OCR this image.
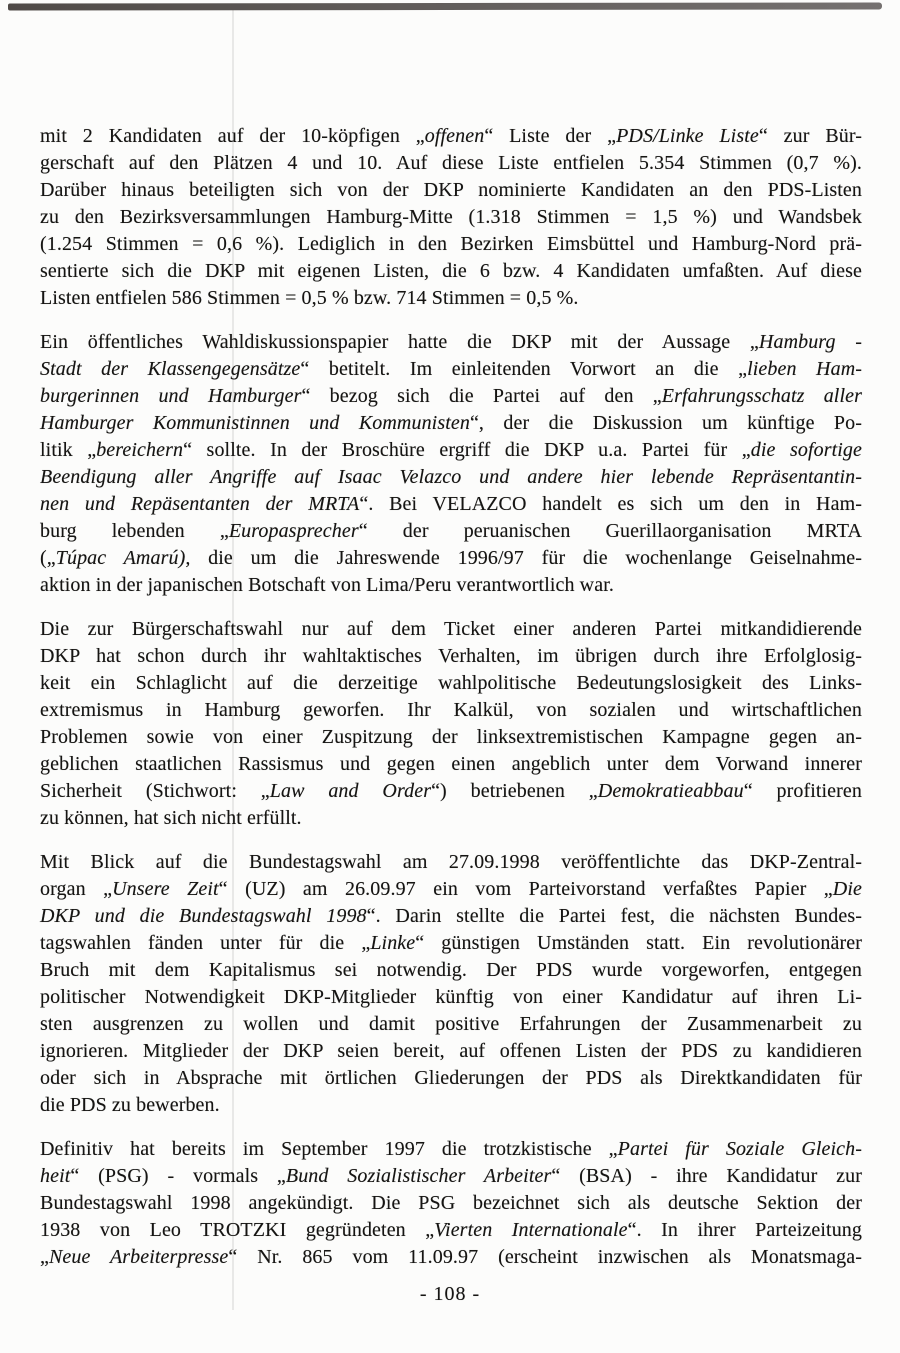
mit 2 Kandidaten auf der 10-köpfigen „offenen“ Liste der „PDS/Linke Liste“ zur Bür-
gerschaft auf den Plätzen 4 und 10. Auf diese Liste entfielen 5.354 Stimmen (0,7 %).
Darüber hinaus beteiligten sich von der DKP nominierte Kandidaten an den PDS-Listen
zu den Bezirksversammlungen Hamburg-Mitte (1.318 Stimmen = 1,5 %) und Wandsbek
(1.254 Stimmen = 0,6 %). Lediglich in den Bezirken Eimsbüttel und Hamburg-Nord prä-
sentierte sich die DKP mit eigenen Listen, die 6 bzw. 4 Kandidaten umfaßten. Auf diese
Listen entfielen 586 Stimmen = 0,5 % bzw. 714 Stimmen = 0,5 %.
Ein öffentliches Wahldiskussionspapier hatte die DKP mit der Aussage „Hamburg -
Stadt der Klassengegensätze“ betitelt. Im einleitenden Vorwort an die „lieben Ham-
burgerinnen und Hamburger“ bezog sich die Partei auf den „Erfahrungsschatz aller
Hamburger Kommunistinnen und Kommunisten“, der die Diskussion um künftige Po-
litik „bereichern“ sollte. In der Broschüre ergriff die DKP u.a. Partei für „die sofortige
Beendigung aller Angriffe auf Isaac Velazco und andere hier lebende Repräsentantin-
nen und Repäsentanten der MRTA“. Bei VELAZCO handelt es sich um den in Ham-
burg lebenden „Europasprecher“ der peruanischen Guerillaorganisation MRTA
(„Túpac Amarú), die um die Jahreswende 1996/97 für die wochenlange Geiselnahme-
aktion in der japanischen Botschaft von Lima/Peru verantwortlich war.
Die zur Bürgerschaftswahl nur auf dem Ticket einer anderen Partei mitkandidierende
DKP hat schon durch ihr wahltaktisches Verhalten, im übrigen durch ihre Erfolglosig-
keit ein Schlaglicht auf die derzeitige wahlpolitische Bedeutungslosigkeit des Links-
extremismus in Hamburg geworfen. Ihr Kalkül, von sozialen und wirtschaftlichen
Problemen sowie von einer Zuspitzung der linksextremistischen Kampagne gegen an-
geblichen staatlichen Rassismus und gegen einen angeblich unter dem Vorwand innerer
Sicherheit (Stichwort: „Law and Order“) betriebenen „Demokratieabbau“ profitieren
zu können, hat sich nicht erfüllt.
Mit Blick auf die Bundestagswahl am 27.09.1998 veröffentlichte das DKP-Zentral-
organ „Unsere Zeit“ (UZ) am 26.09.97 ein vom Parteivorstand verfaßtes Papier „Die
DKP und die Bundestagswahl 1998“. Darin stellte die Partei fest, die nächsten Bundes-
tagswahlen fänden unter für die „Linke“ günstigen Umständen statt. Ein revolutionärer
Bruch mit dem Kapitalismus sei notwendig. Der PDS wurde vorgeworfen, entgegen
politischer Notwendigkeit DKP-Mitglieder künftig von einer Kandidatur auf ihren Li-
sten ausgrenzen zu wollen und damit positive Erfahrungen der Zusammenarbeit zu
ignorieren. Mitglieder der DKP seien bereit, auf offenen Listen der PDS zu kandidieren
oder sich in Absprache mit örtlichen Gliederungen der PDS als Direktkandidaten für
die PDS zu bewerben.
Definitiv hat bereits im September 1997 die trotzkistische „Partei für Soziale Gleich-
heit“ (PSG) - vormals „Bund Sozialistischer Arbeiter“ (BSA) - ihre Kandidatur zur
Bundestagswahl 1998 angekündigt. Die PSG bezeichnet sich als deutsche Sektion der
1938 von Leo TROTZKI gegründeten „Vierten Internationale“. In ihrer Parteizeitung
„Neue Arbeiterpresse“ Nr. 865 vom 11.09.97 (erscheint inzwischen als Monatsmaga-
- 108 -
